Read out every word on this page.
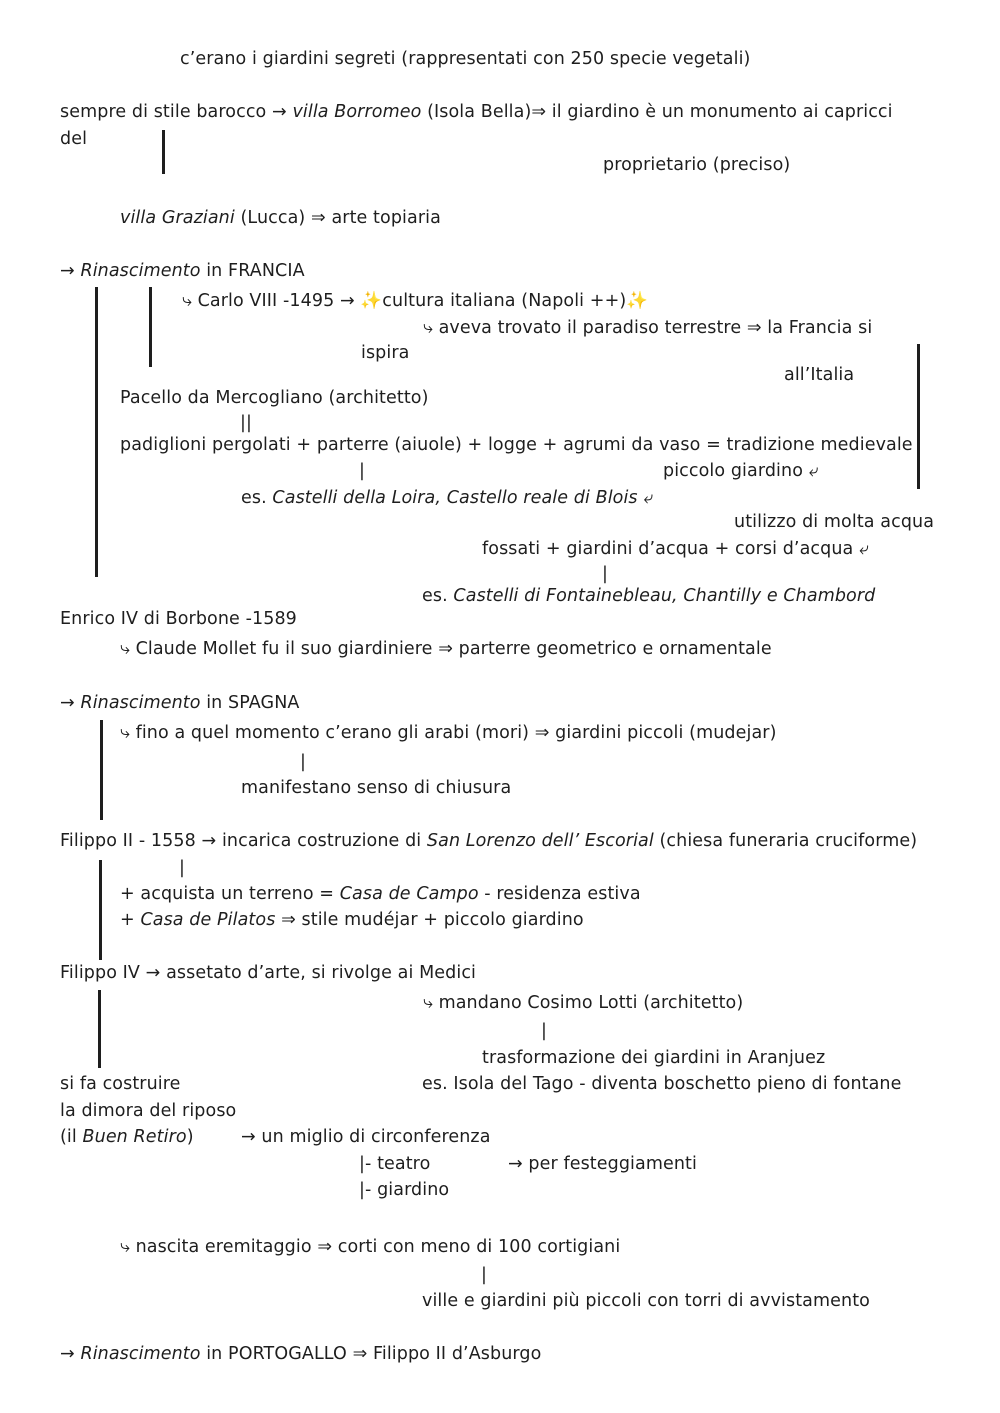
c’erano i giardini segreti (rappresentati con 250 specie vegetali)
sempre di stile barocco → villa Borromeo (Isola Bella)⇒ il giardino è un monumento ai capricci
del
proprietario (preciso)
villa Graziani (Lucca) ⇒ arte topiaria
→ Rinascimento in FRANCIA
⤷ Carlo VIII -1495 → ✨cultura italiana (Napoli ++)✨
⤷ aveva trovato il paradiso terrestre ⇒ la Francia si
ispira
all’Italia
Pacello da Mercogliano (architetto)
||
padiglioni pergolati + parterre (aiuole) + logge + agrumi da vaso = tradizione medievale
|	piccolo giardino ⤶
es. Castelli della Loira, Castello reale di Blois ⤶
utilizzo di molta acqua
fossati + giardini d’acqua + corsi d’acqua ⤶
|
es. Castelli di Fontainebleau, Chantilly e Chambord
Enrico IV di Borbone -1589
⤷ Claude Mollet fu il suo giardiniere ⇒ parterre geometrico e ornamentale
→ Rinascimento in SPAGNA
⤷ fino a quel momento c’erano gli arabi (mori) ⇒ giardini piccoli (mudejar)
|
manifestano senso di chiusura
Filippo II - 1558 → incarica costruzione di San Lorenzo dell’ Escorial (chiesa funeraria cruciforme)
|
+ acquista un terreno = Casa de Campo - residenza estiva
+ Casa de Pilatos ⇒ stile mudéjar + piccolo giardino
Filippo IV → assetato d’arte, si rivolge ai Medici
⤷ mandano Cosimo Lotti (architetto)
|
trasformazione dei giardini in Aranjuez
si fa costruire	es. Isola del Tago - diventa boschetto pieno di fontane
la dimora del riposo
(il Buen Retiro)	→ un miglio di circonferenza
|- teatro	→ per festeggiamenti
|- giardino
⤷ nascita eremitaggio ⇒ corti con meno di 100 cortigiani
|
ville e giardini più piccoli con torri di avvistamento
→ Rinascimento in PORTOGALLO ⇒ Filippo II d’Asburgo
